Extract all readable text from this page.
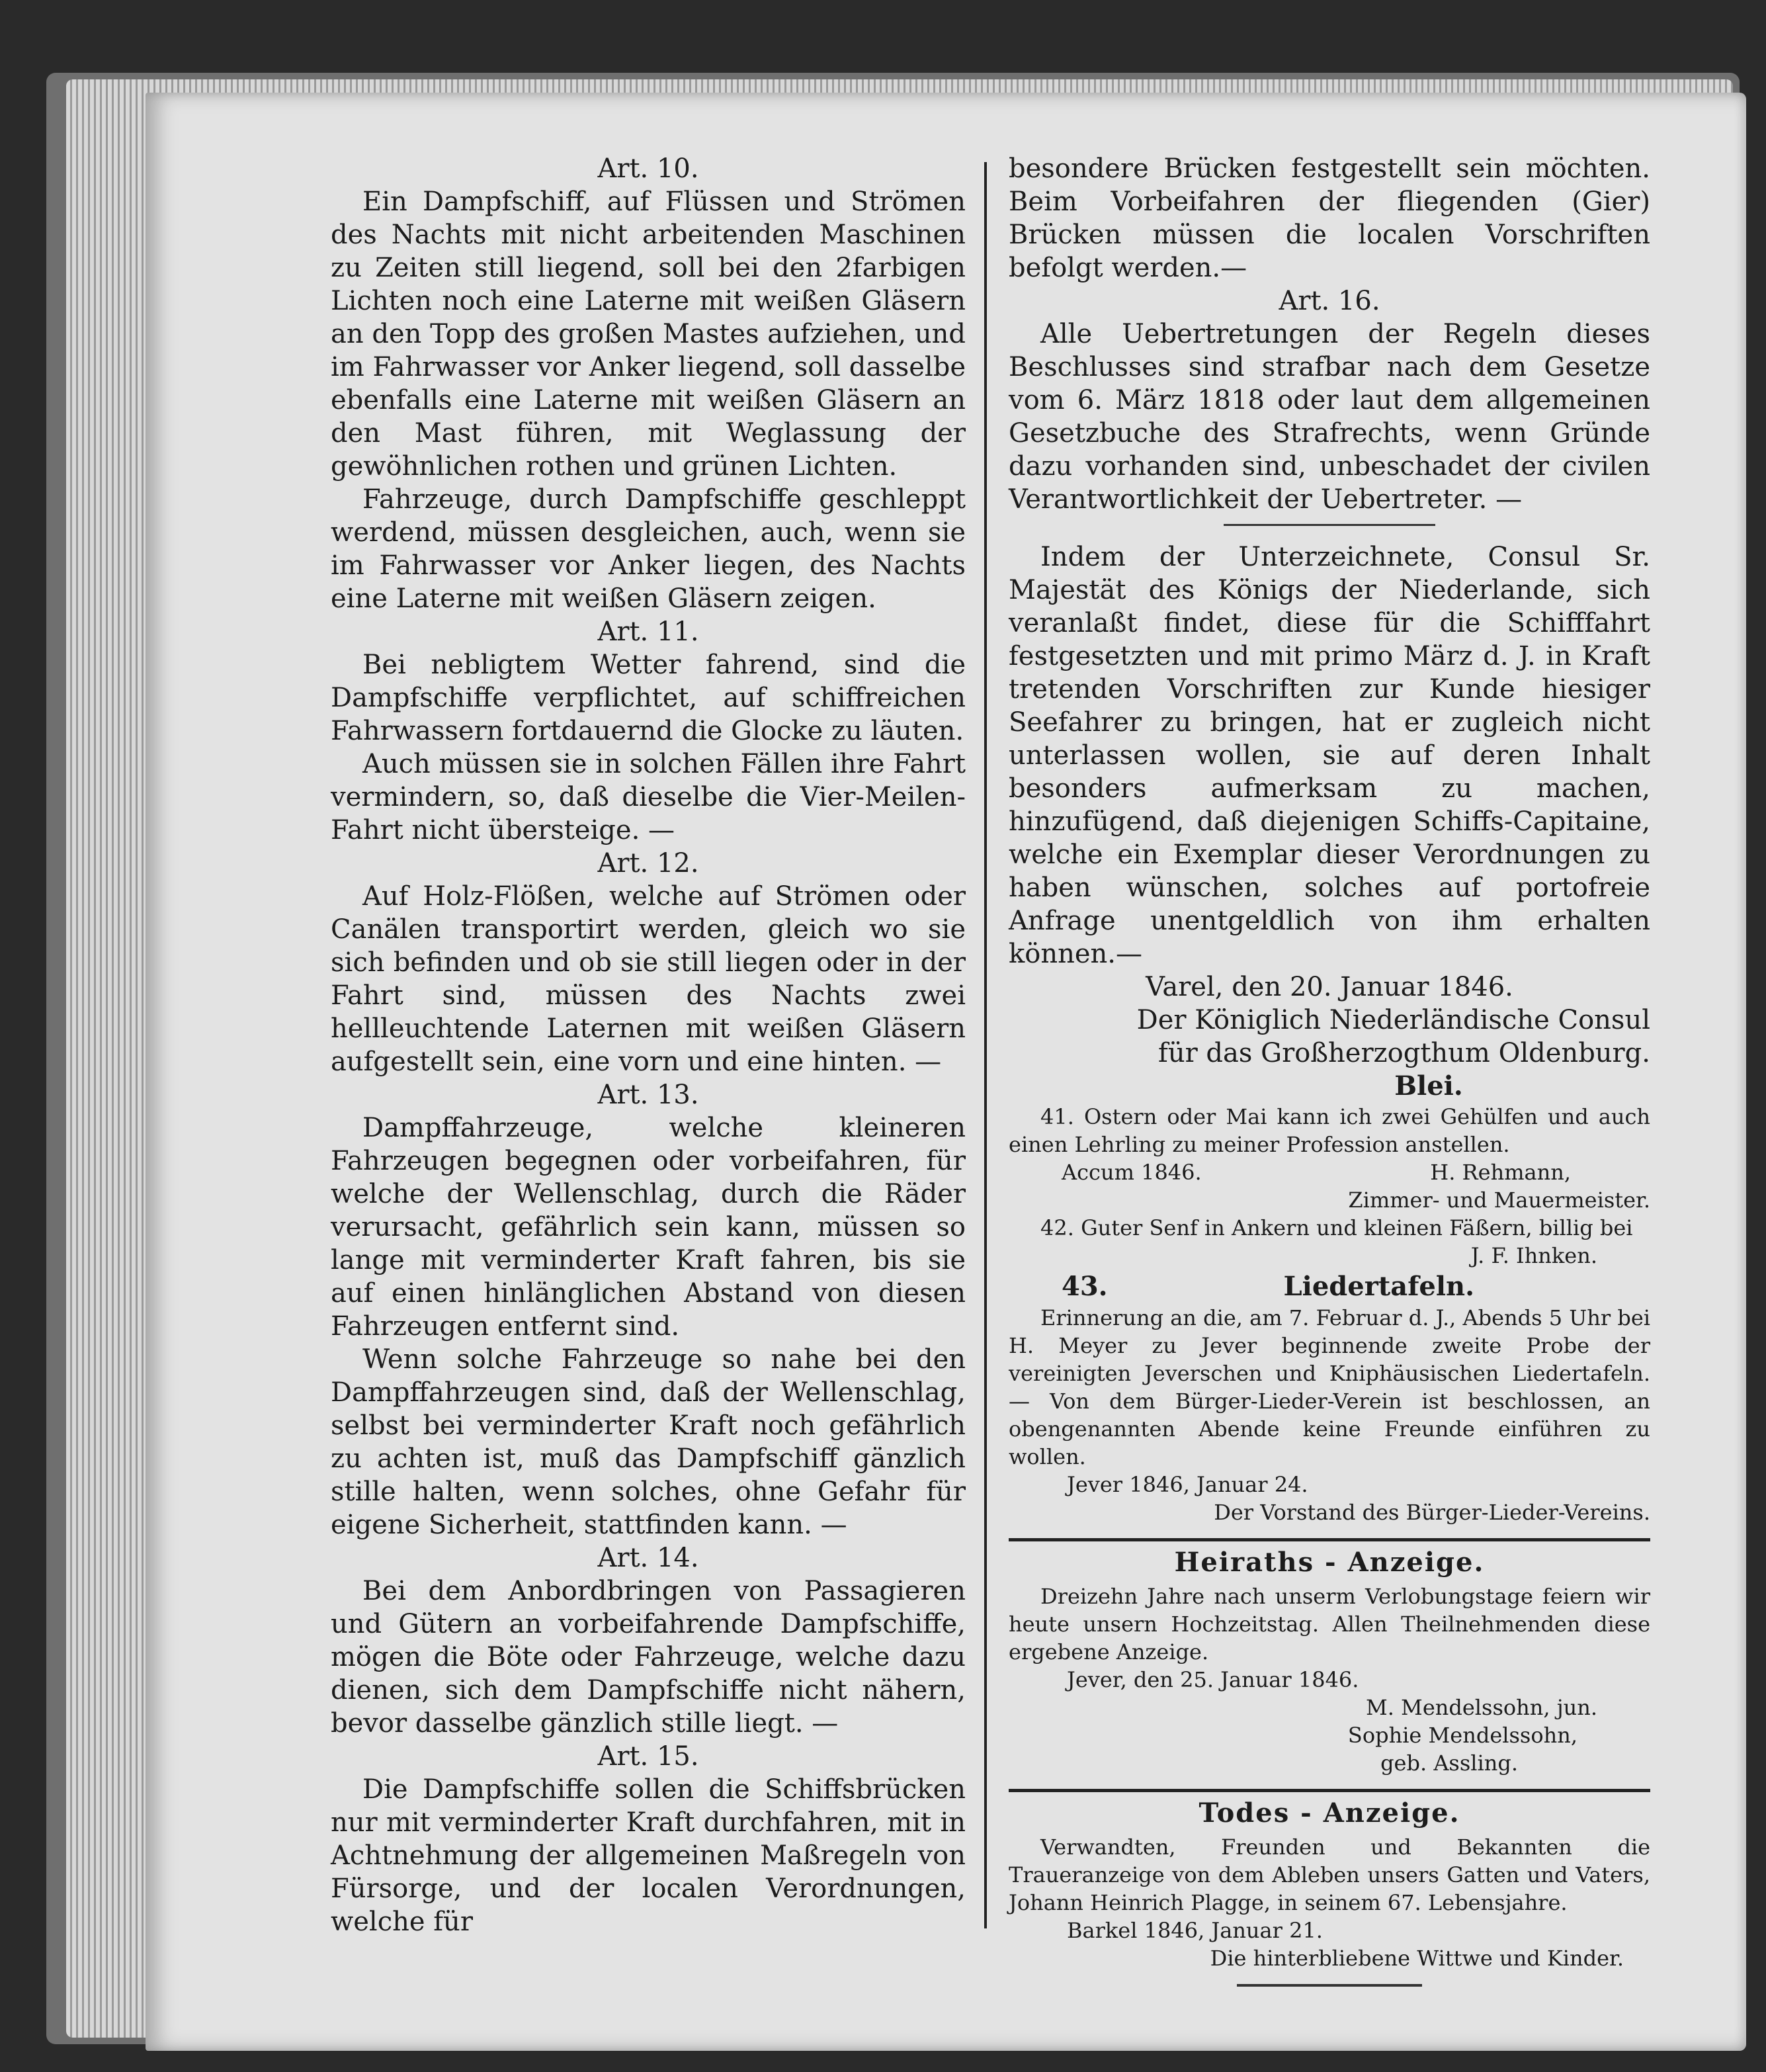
Art. 10.

Ein Dampfschiff, auf Flüssen und Strömen des Nachts mit nicht arbeitenden Maschinen zu Zeiten still liegend, soll bei den 2farbigen Lichten noch eine Laterne mit weißen Gläsern an den Topp des großen Mastes aufziehen, und im Fahrwasser vor Anker liegend, soll dasselbe ebenfalls eine Laterne mit weißen Gläsern an den Mast führen, mit Weglassung der gewöhnlichen rothen und grünen Lichten.

Fahrzeuge, durch Dampfschiffe geschleppt werdend, müssen desgleichen, auch, wenn sie im Fahrwasser vor Anker liegen, des Nachts eine Laterne mit weißen Gläsern zeigen.

Art. 11.

Bei nebligtem Wetter fahrend, sind die Dampfschiffe verpflichtet, auf schiffreichen Fahrwassern fortdauernd die Glocke zu läuten.

Auch müssen sie in solchen Fällen ihre Fahrt vermindern, so, daß dieselbe die Vier-Meilen-Fahrt nicht übersteige. —

Art. 12.

Auf Holz-Flößen, welche auf Strömen oder Canälen transportirt werden, gleich wo sie sich befinden und ob sie still liegen oder in der Fahrt sind, müssen des Nachts zwei hellleuchtende Laternen mit weißen Gläsern aufgestellt sein, eine vorn und eine hinten. —

Art. 13.

Dampffahrzeuge, welche kleineren Fahrzeugen begegnen oder vorbeifahren, für welche der Wellenschlag, durch die Räder verursacht, gefährlich sein kann, müssen so lange mit verminderter Kraft fahren, bis sie auf einen hinlänglichen Abstand von diesen Fahrzeugen entfernt sind.

Wenn solche Fahrzeuge so nahe bei den Dampffahrzeugen sind, daß der Wellenschlag, selbst bei verminderter Kraft noch gefährlich zu achten ist, muß das Dampfschiff gänzlich stille halten, wenn solches, ohne Gefahr für eigene Sicherheit, stattfinden kann. —

Art. 14.

Bei dem Anbordbringen von Passagieren und Gütern an vorbeifahrende Dampfschiffe, mögen die Böte oder Fahrzeuge, welche dazu dienen, sich dem Dampfschiffe nicht nähern, bevor dasselbe gänzlich stille liegt. —

Art. 15.

Die Dampfschiffe sollen die Schiffsbrücken nur mit verminderter Kraft durchfahren, mit in Achtnehmung der allgemeinen Maßregeln von Fürsorge, und der localen Verordnungen, welche für

besondere Brücken festgestellt sein möchten. Beim Vorbeifahren der fliegenden (Gier) Brücken müssen die localen Vorschriften befolgt werden.—

Art. 16.

Alle Uebertretungen der Regeln dieses Beschlusses sind strafbar nach dem Gesetze vom 6. März 1818 oder laut dem allgemeinen Gesetzbuche des Strafrechts, wenn Gründe dazu vorhanden sind, unbeschadet der civilen Verantwortlichkeit der Uebertreter. —

Indem der Unterzeichnete, Consul Sr. Majestät des Königs der Niederlande, sich veranlaßt findet, diese für die Schifffahrt festgesetzten und mit primo März d. J. in Kraft tretenden Vorschriften zur Kunde hiesiger Seefahrer zu bringen, hat er zugleich nicht unterlassen wollen, sie auf deren Inhalt besonders aufmerksam zu machen, hinzufügend, daß diejenigen Schiffs-Capitaine, welche ein Exemplar dieser Verordnungen zu haben wünschen, solches auf portofreie Anfrage unentgeldlich von ihm erhalten können.—

Varel, den 20. Januar 1846.

Der Königlich Niederländische Consul

für das Großherzogthum Oldenburg.

Blei.

41. Ostern oder Mai kann ich zwei Gehülfen und auch einen Lehrling zu meiner Profession anstellen.

Accum 1846.	H. Rehmann,

Zimmer- und Mauermeister.

42. Guter Senf in Ankern und kleinen Fäßern, billig bei

J. F. Ihnken.

43.	Liedertafeln.

Erinnerung an die, am 7. Februar d. J., Abends 5 Uhr bei H. Meyer zu Jever beginnende zweite Probe der vereinigten Jeverschen und Kniphäusischen Liedertafeln. — Von dem Bürger-Lieder-Verein ist beschlossen, an obengenannten Abende keine Freunde einführen zu wollen.

Jever 1846, Januar 24.

Der Vorstand des Bürger-Lieder-Vereins.

Heiraths - Anzeige.

Dreizehn Jahre nach unserm Verlobungstage feiern wir heute unsern Hochzeitstag. Allen Theilnehmenden diese ergebene Anzeige.

Jever, den 25. Januar 1846.

M. Mendelssohn, jun.

Sophie Mendelssohn,

geb. Assling.

Todes - Anzeige.

Verwandten, Freunden und Bekannten die Traueranzeige von dem Ableben unsers Gatten und Vaters, Johann Heinrich Plagge, in seinem 67. Lebensjahre.

Barkel 1846, Januar 21.

Die hinterbliebene Wittwe und Kinder.
